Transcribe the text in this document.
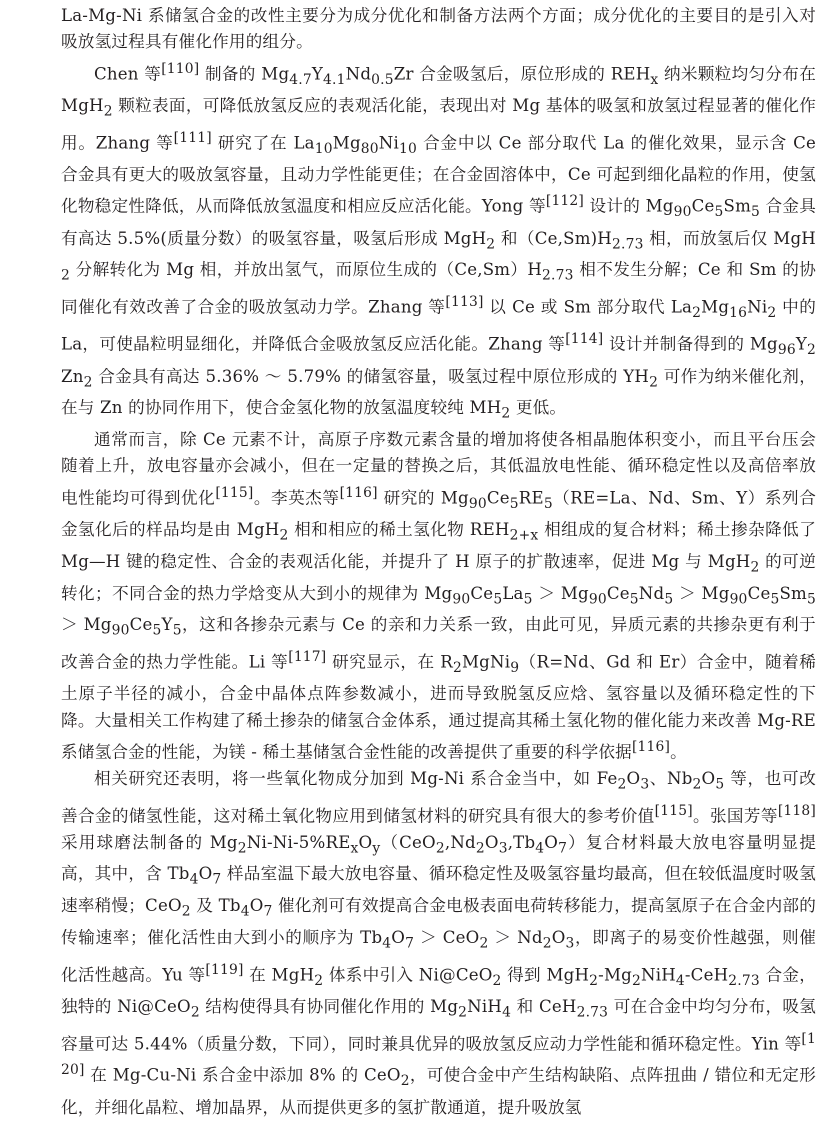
La-Mg-Ni 系储氢合金的改性主要分为成分优化和制备方法两个方面；成分优化的主要目的是引入对吸放氢过程具有催化作用的组分。

Chen 等[110] 制备的 $Mg_{4.7}Y_{4.1}Nd_{0.5}Zr$ 合金吸氢后，原位形成的 $REH_x$ 纳米颗粒均匀分布在 MgH$_2$ 颗粒表面，可降低放氢反应的表观活化能，表现出对 Mg 基体的吸氢和放氢过程显著的催化作用。Zhang 等[111] 研究了在 $La_{10}Mg_{80}Ni_{10}$ 合金中以 Ce 部分取代 La 的催化效果，显示含 Ce 合金具有更大的吸放氢容量，且动力学性能更佳；在合金固溶体中，Ce 可起到细化晶粒的作用，使氢化物稳定性降低，从而降低放氢温度和相应反应活化能。Yong 等[112] 设计的 $Mg_{90}Ce_5Sm_5$ 合金具有高达 5.5%(质量分数）的吸氢容量，吸氢后形成 MgH$_2$ 和$(Ce,Sm)H_{2.73}$ 相，而放氢后仅 MgH$_2$ 分解转化为 Mg 相，并放出氢气，而原位生成的$(Ce,Sm)H_{2.73}$ 相不发生分解；Ce 和 Sm 的协同催化有效改善了合金的吸放氢动力学。Zhang 等[113] 以 Ce 或 Sm 部分取代 $La_2Mg_{16}Ni_2$ 中的 La，可使晶粒明显细化，并降低合金吸放氢反应活化能。Zhang 等[114] 设计并制备得到的 $Mg_{96}Y_2Zn_2$ 合金具有高达 5.36% ～ 5.79% 的储氢容量，吸氢过程中原位形成的 $YH_2$ 可作为纳米催化剂，在与 Zn 的协同作用下，使合金氢化物的放氢温度较纯 $MH_2$ 更低。

通常而言，除 Ce 元素不计，高原子序数元素含量的增加将使各相晶胞体积变小，而且平台压会随着上升，放电容量亦会减小，但在一定量的替换之后，其低温放电性能、循环稳定性以及高倍率放电性能均可得到优化[115]。李英杰等[116] 研究的 $Mg_{90}Ce_5RE_5(RE=La$、Nd、Sm、Y）系列合金氢化后的样品均是由 MgH$_2$ 相和相应的稀土氢化物 $REH_{2+x}$ 相组成的复合材料；稀土掺杂降低了 Mg—H 键的稳定性、合金的表观活化能，并提升了 H 原子的扩散速率，促进 Mg 与 MgH$_2$ 的可逆转化；不同合金的热力学焓变从大到小的规律为 $Mg_{90}Ce_5La_5 > Mg_{90}Ce_5Nd_5 > Mg_{90}Ce_5Sm_5 > Mg_{90}Ce_5Y_5$，这和各掺杂元素与 Ce 的亲和力关系一致，由此可见，异质元素的共掺杂更有利于改善合金的热力学性能。Li 等[117] 研究显示，在 $R_2MgNi_9(R=Nd$、Gd 和 Er）合金中，随着稀土原子半径的减小，合金中晶体点阵参数减小，进而导致脱氢反应焓、氢容量以及循环稳定性的下降。大量相关工作构建了稀土掺杂的储氢合金体系，通过提高其稀土氢化物的催化能力来改善 Mg-RE 系储氢合金的性能，为镁 - 稀土基储氢合金性能的改善提供了重要的科学依据[116]。

相关研究还表明，将一些氧化物成分加到 Mg-Ni 系合金当中，如 $Fe_2O_3$、$Nb_2O_5$ 等，也可改善合金的储氢性能，这对稀土氧化物应用到储氢材料的研究具有很大的参考价值[115]。张国芳等[118] 采用球磨法制备的 $Mg_2Ni-Ni-5\%RE_xO_y(CeO_2,Nd_2O_3,Tb_4O_7)$复合材料最大放电容量明显提高，其中，含 $Tb_4O_7$ 样品室温下最大放电容量、循环稳定性及吸氢容量均最高，但在较低温度时吸氢速率稍慢；CeO$_2$ 及 $Tb_4O_7$ 催化剂可有效提高合金电极表面电荷转移能力，提高氢原子在合金内部的传输速率；催化活性由大到小的顺序为 $Tb_4O_7 > CeO_2 > Nd_2O_3$，即离子的易变价性越强，则催化活性越高。Yu 等[119] 在 MgH$_2$ 体系中引入 Ni@CeO$_2$ 得到 $MgH_2-Mg_2NiH_4-CeH_{2.73}$ 合金，独特的 Ni@CeO$_2$ 结构使得具有协同催化作用的 $Mg_2NiH_4$ 和 CeH$_{2.73}$ 可在合金中均匀分布，吸氢容量可达 5.44%（质量分数，下同），同时兼具优异的吸放氢反应动力学性能和循环稳定性。Yin 等[120] 在 Mg-Cu-Ni 系合金中添加 8% 的 CeO$_2$，可使合金中产生结构缺陷、点阵扭曲 / 错位和无定形化，并细化晶粒、增加晶界，从而提供更多的氢扩散通道，提升吸放氢
